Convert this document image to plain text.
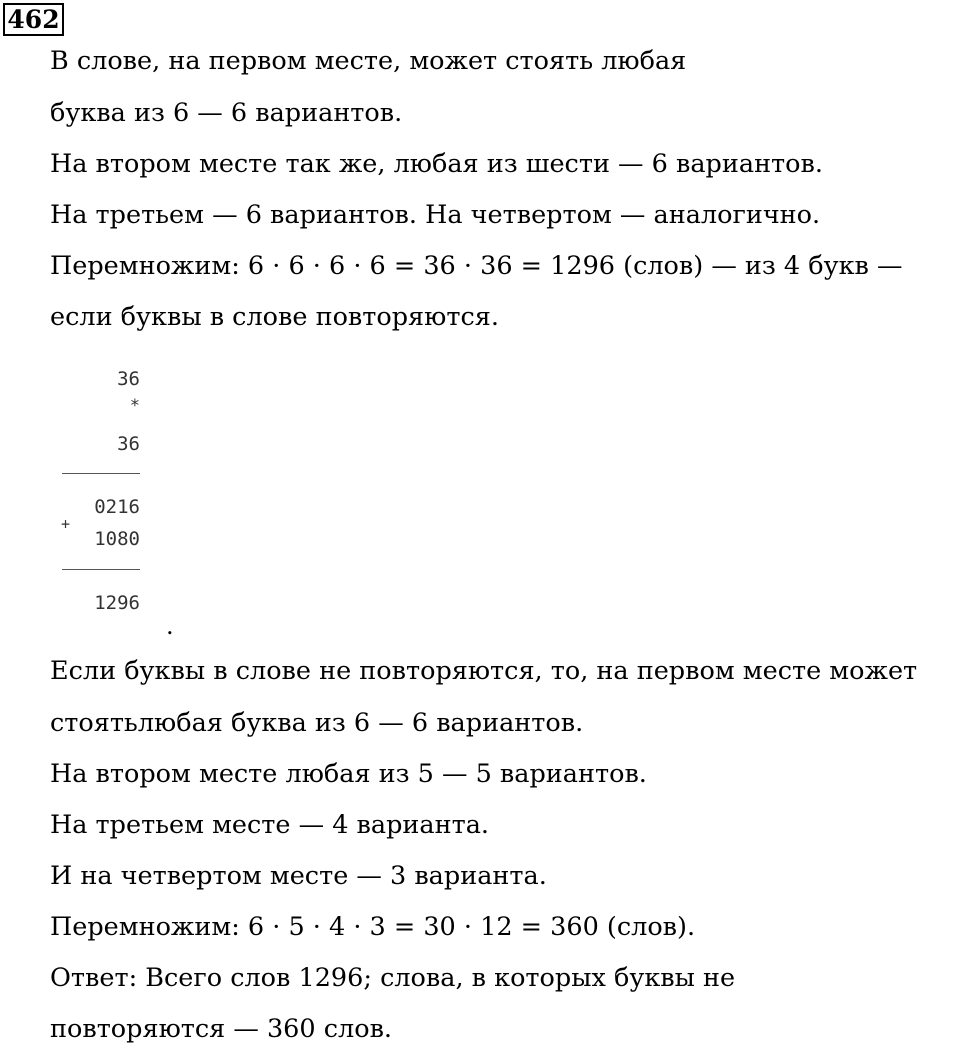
462
В слове, на первом месте, может стоять любая
буква из 6 — 6 вариантов.
На втором месте так же, любая из шести — 6 вариантов.
На третьем — 6 вариантов. На четвертом — аналогично.
Перемножим: 6 · 6 · 6 · 6 = 36 · 36 = 1296 (слов) — из 4 букв —
если буквы в слове повторяются.
36
*
36
0216
+
1080
1296
.
Если буквы в слове не повторяются, то, на первом месте может
стоятьлюбая буква из 6 — 6 вариантов.
На втором месте любая из 5 — 5 вариантов.
На третьем месте — 4 варианта.
И на четвертом месте — 3 варианта.
Перемножим: 6 · 5 · 4 · 3 = 30 · 12 = 360 (слов).
Ответ: Всего слов 1296; слова, в которых буквы не
повторяются — 360 слов.
